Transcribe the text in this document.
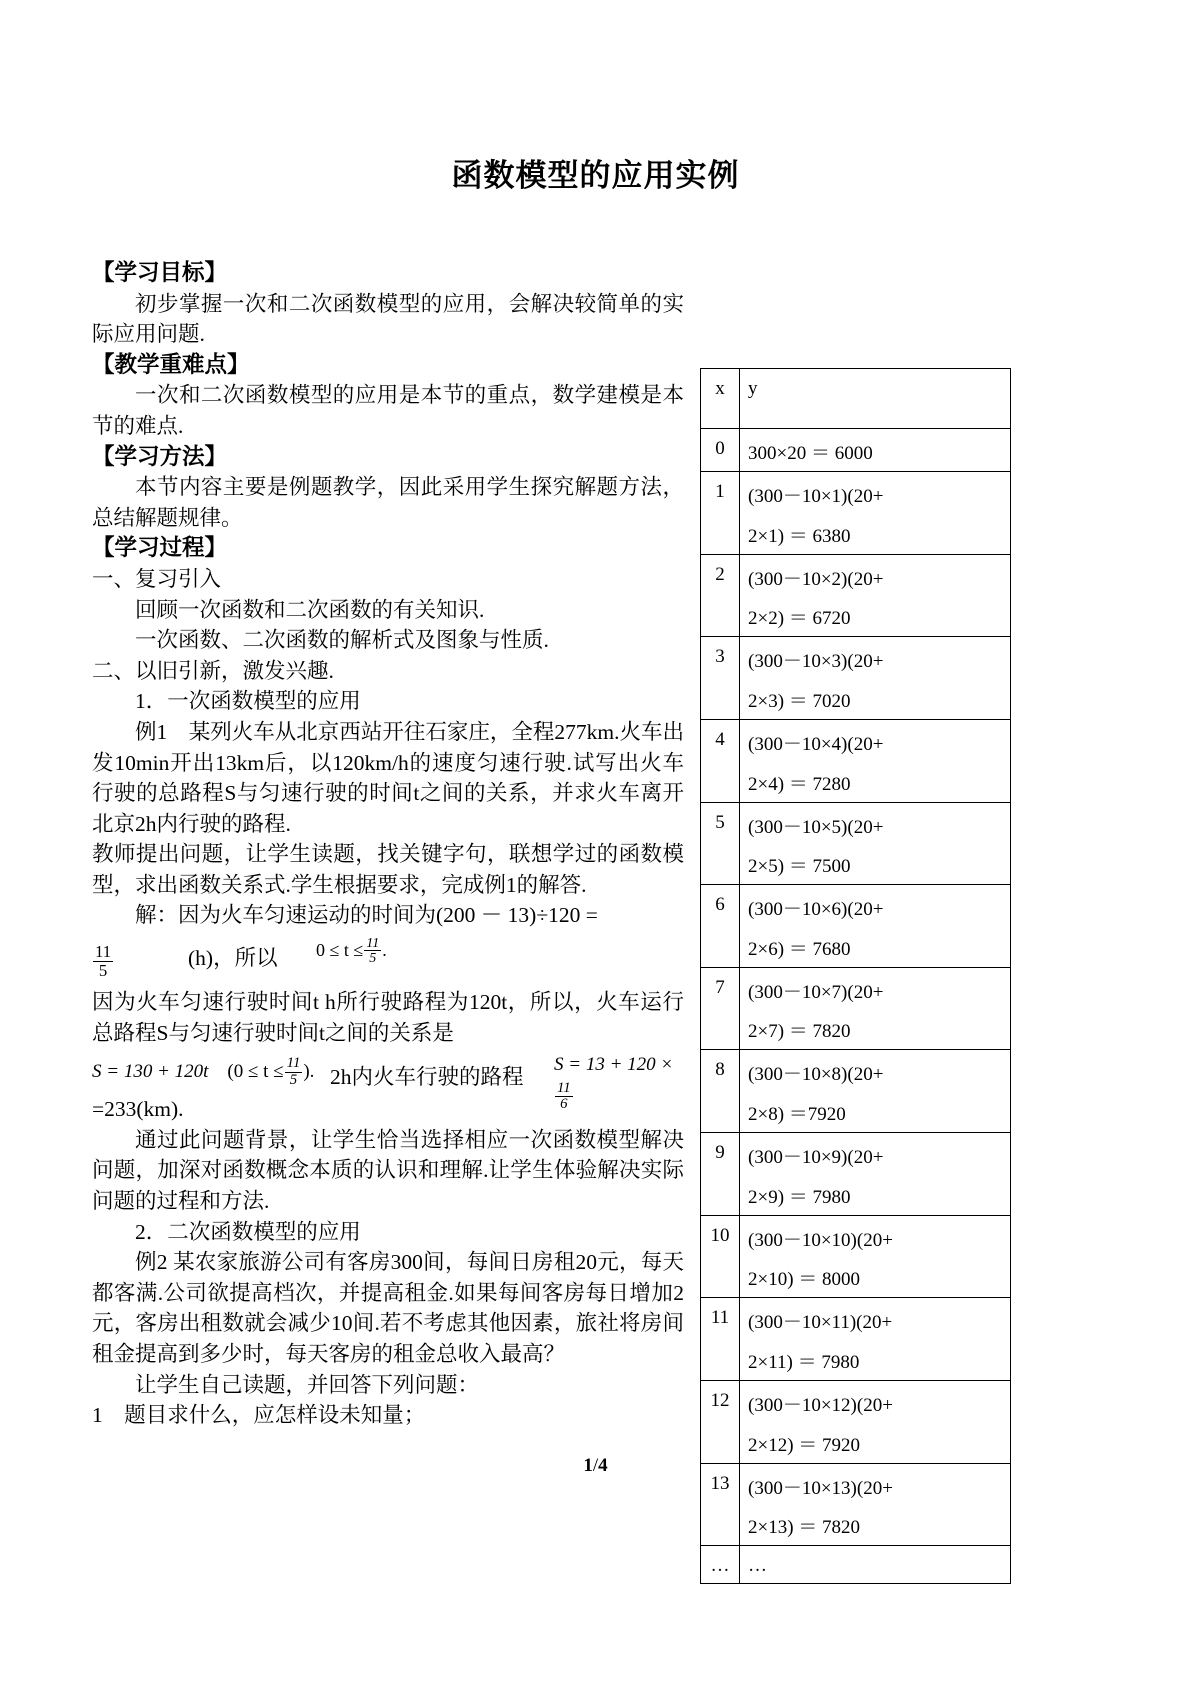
函数模型的应用实例
【学习目标】
初步掌握一次和二次函数模型的应用，会解决较简单的实际应用问题.
【教学重难点】
一次和二次函数模型的应用是本节的重点，数学建模是本节的难点.
【学习方法】
本节内容主要是例题教学，因此采用学生探究解题方法，总结解题规律。
【学习过程】
一、复习引入
回顾一次函数和二次函数的有关知识.
一次函数、二次函数的解析式及图象与性质.
二、以旧引新，激发兴趣.
1．一次函数模型的应用
例1　某列火车从北京西站开往石家庄，全程277km.火车出发10min开出13km后，以120km/h的速度匀速行驶.试写出火车行驶的总路程S与匀速行驶的时间t之间的关系，并求火车离开北京2h内行驶的路程.
教师提出问题，让学生读题，找关键字句，联想学过的函数模型，求出函数关系式.学生根据要求，完成例1的解答.
解：因为火车匀速运动的时间为(200 － 13)÷120 =
$\frac{11}{5}$	(h)，所以 $0 \le t \le \frac{11}{5}$ .
因为火车匀速行驶时间t h所行驶路程为120t，所以，火车运行总路程S与匀速行驶时间t之间的关系是
S = 130 + 120t ($0 \le t \le \frac{11}{5}$ ). 2h内火车行驶的路程
S = 13 + 120 ×
$\frac{11}{6}$
=233(km).
通过此问题背景，让学生恰当选择相应一次函数模型解决问题，加深对函数概念本质的认识和理解.让学生体验解决实际问题的过程和方法.
2．二次函数模型的应用
例2 某农家旅游公司有客房300间，每间日房租20元，每天都客满.公司欲提高档次，并提高租金.如果每间客房每日增加2元，客房出租数就会减少10间.若不考虑其他因素，旅社将房间租金提高到多少时，每天客房的租金总收入最高？
让学生自己读题，并回答下列问题：
1　题目求什么，应怎样设未知量；
x	y
0	300×20 ＝ 6000

1	(300－10×1)(20+
2×1) ＝ 6380

2	(300－10×2)(20+
2×2) ＝ 6720

3	(300－10×3)(20+
2×3) ＝ 7020

4	(300－10×4)(20+
2×4) ＝ 7280

5	(300－10×5)(20+
2×5) ＝ 7500

6	(300－10×6)(20+
2×6) ＝ 7680

7	(300－10×7)(20+
2×7) ＝ 7820

8	(300－10×8)(20+
2×8) ＝7920

9	(300－10×9)(20+
2×9) ＝ 7980

10	(300－10×10)(20+
2×10) ＝ 8000

11	(300－10×11)(20+
2×11) ＝ 7980

12	(300－10×12)(20+
2×12) ＝ 7920

13	(300－10×13)(20+
2×13) ＝ 7820

…	…
1/4
